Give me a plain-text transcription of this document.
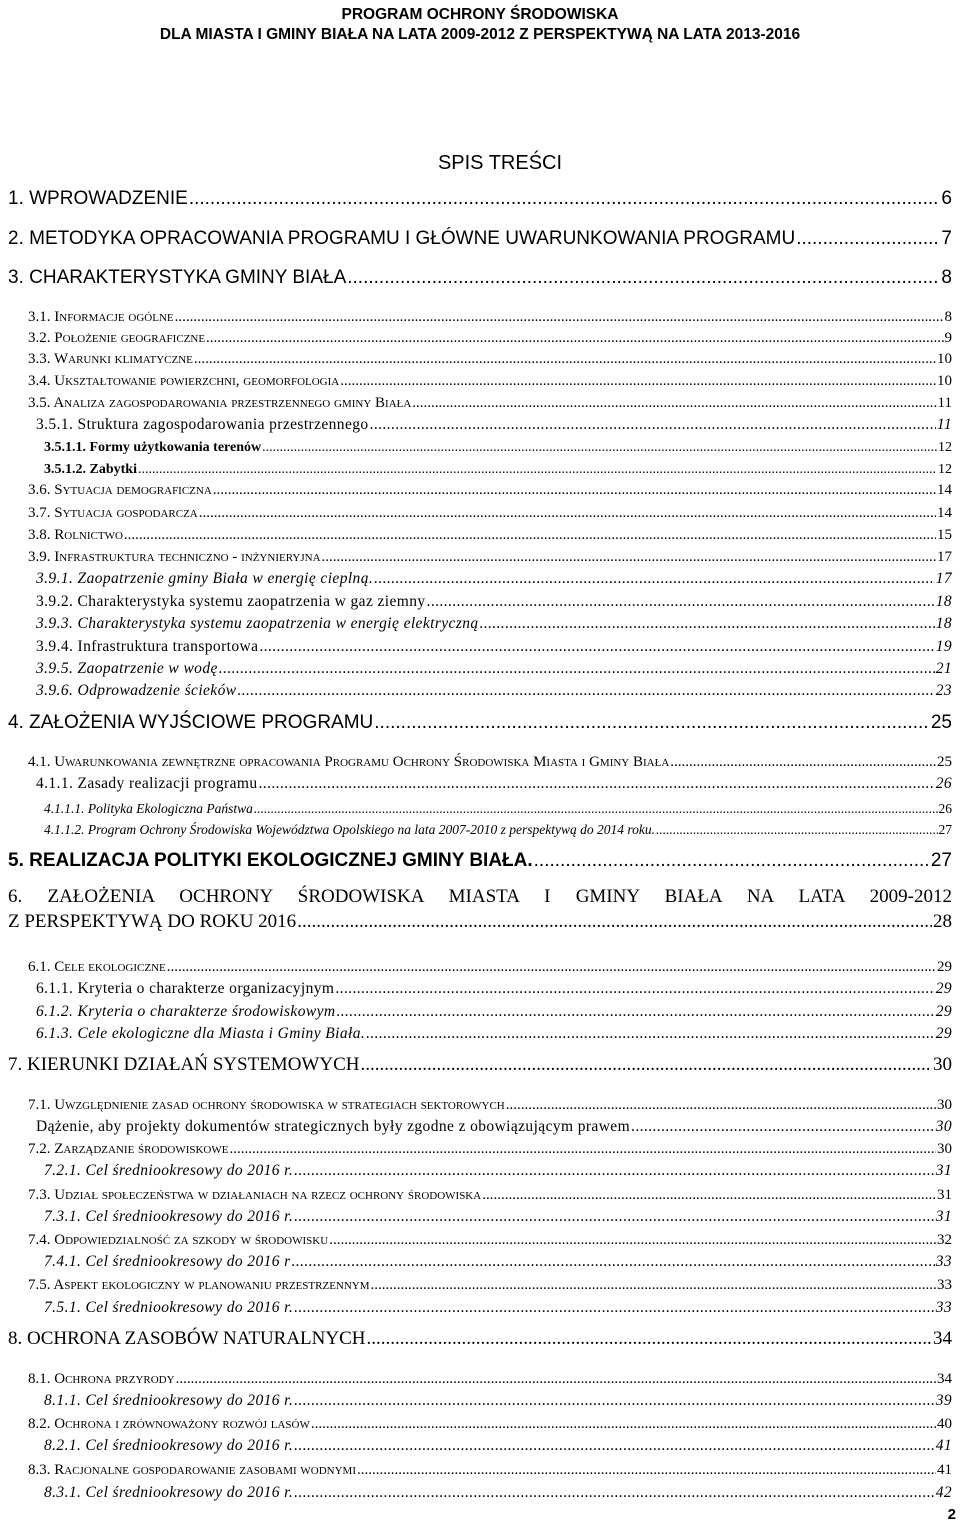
PROGRAM OCHRONY ŚRODOWISKA
DLA MIASTA I GMINY BIAŁA NA LATA 2009-2012 Z PERSPEKTYWĄ NA LATA 2013-2016
SPIS TREŚCI
1. WPROWADZENIE .....	6
2. METODYKA OPRACOWANIA PROGRAMU I GŁÓWNE UWARUNKOWANIA PROGRAMU .....	7
3. CHARAKTERYSTYKA GMINY BIAŁA .....	8
3.1. Informacje ogólne .....	8
3.2. Położenie geograficzne .....	9
3.3. Warunki klimatyczne .....	10
3.4. Ukształtowanie powierzchni, geomorfologia .....	10
3.5. Analiza zagospodarowania przestrzennego gminy Biała .....	11
3.5.1. Struktura zagospodarowania przestrzennego .....	11
3.5.1.1. Formy użytkowania terenów .....	12
3.5.1.2. Zabytki .....	12
3.6. Sytuacja demograficzna .....	14
3.7. Sytuacja gospodarcza .....	14
3.8. Rolnictwo .....	15
3.9. Infrastruktura techniczno - inżynieryjna .....	17
3.9.1. Zaopatrzenie gminy Biała w energię cieplną. .....	17
3.9.2. Charakterystyka systemu zaopatrzenia w gaz ziemny .....	18
3.9.3. Charakterystyka systemu zaopatrzenia w energię elektryczną .....	18
3.9.4. Infrastruktura transportowa .....	19
3.9.5. Zaopatrzenie w wodę .....	21
3.9.6. Odprowadzenie ścieków .....	23
4. ZAŁOŻENIA WYJŚCIOWE PROGRAMU .....	25
4.1. Uwarunkowania zewnętrzne opracowania Programu Ochrony Środowiska Miasta i Gminy Biała .....	25
4.1.1. Zasady realizacji programu .....	26
4.1.1.1. Polityka Ekologiczna Państwa .....	26
4.1.1.2. Program Ochrony Środowiska Województwa Opolskiego na lata 2007-2010 z perspektywą do 2014 roku. .....	27
5. REALIZACJA POLITYKI EKOLOGICZNEJ GMINY BIAŁA. .....	27
6. ZAŁOŻENIA OCHRONY ŚRODOWISKA MIASTA I GMINY BIAŁA NA LATA 2009-2012
Z PERSPEKTYWĄ DO ROKU 2016 .....	28
6.1. Cele ekologiczne .....	29
6.1.1. Kryteria o charakterze organizacyjnym .....	29
6.1.2. Kryteria o charakterze środowiskowym .....	29
6.1.3. Cele ekologiczne dla Miasta i Gminy Biała. .....	29
7. KIERUNKI DZIAŁAŃ SYSTEMOWYCH .....	30
7.1. Uwzględnienie zasad ochrony środowiska w strategiach sektorowych .....	30
Dążenie, aby projekty dokumentów strategicznych były zgodne z obowiązującym prawem .....	30
7.2. Zarządzanie środowiskowe .....	30
7.2.1. Cel średniookresowy do 2016 r. .....	31
7.3. Udział społeczeństwa w działaniach na rzecz ochrony środowiska .....	31
7.3.1. Cel średniookresowy do 2016 r. .....	31
7.4. Odpowiedzialność za szkody w środowisku .....	32
7.4.1. Cel średniookresowy do 2016 r .....	33
7.5. Aspekt ekologiczny w planowaniu przestrzennym .....	33
7.5.1. Cel średniookresowy do 2016 r. .....	33
8. OCHRONA ZASOBÓW NATURALNYCH .....	34
8.1. Ochrona przyrody .....	34
8.1.1. Cel średniookresowy do 2016 r. .....	39
8.2. Ochrona i zrównoważony rozwój lasów .....	40
8.2.1. Cel średniookresowy do 2016 r. .....	41
8.3. Racjonalne gospodarowanie zasobami wodnymi .....	41
8.3.1. Cel średniookresowy do 2016 r. .....	42
2
